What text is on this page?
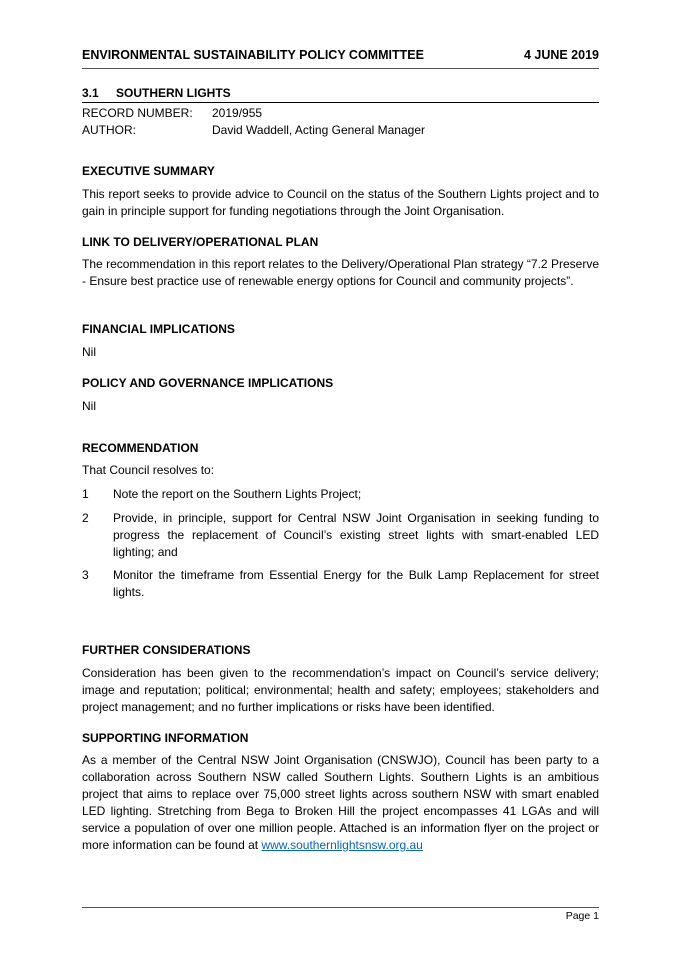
ENVIRONMENTAL SUSTAINABILITY POLICY COMMITTEE	4 JUNE 2019
3.1 SOUTHERN LIGHTS
RECORD NUMBER: 2019/955
AUTHOR:	David Waddell, Acting General Manager
EXECUTIVE SUMMARY
This report seeks to provide advice to Council on the status of the Southern Lights project and to gain in principle support for funding negotiations through the Joint Organisation.
LINK TO DELIVERY/OPERATIONAL PLAN
The recommendation in this report relates to the Delivery/Operational Plan strategy “7.2 Preserve - Ensure best practice use of renewable energy options for Council and community projects”.
FINANCIAL IMPLICATIONS
Nil
POLICY AND GOVERNANCE IMPLICATIONS
Nil
RECOMMENDATION
That Council resolves to:
1 Note the report on the Southern Lights Project;
2 Provide, in principle, support for Central NSW Joint Organisation in seeking funding to progress the replacement of Council’s existing street lights with smart-enabled LED lighting; and
3 Monitor the timeframe from Essential Energy for the Bulk Lamp Replacement for street lights.
FURTHER CONSIDERATIONS
Consideration has been given to the recommendation’s impact on Council’s service delivery; image and reputation; political; environmental; health and safety; employees; stakeholders and project management; and no further implications or risks have been identified.
SUPPORTING INFORMATION
As a member of the Central NSW Joint Organisation (CNSWJO), Council has been party to a collaboration across Southern NSW called Southern Lights. Southern Lights is an ambitious project that aims to replace over 75,000 street lights across southern NSW with smart enabled LED lighting. Stretching from Bega to Broken Hill the project encompasses 41 LGAs and will service a population of over one million people. Attached is an information flyer on the project or more information can be found at www.southernlightsnsw.org.au
Page 1
